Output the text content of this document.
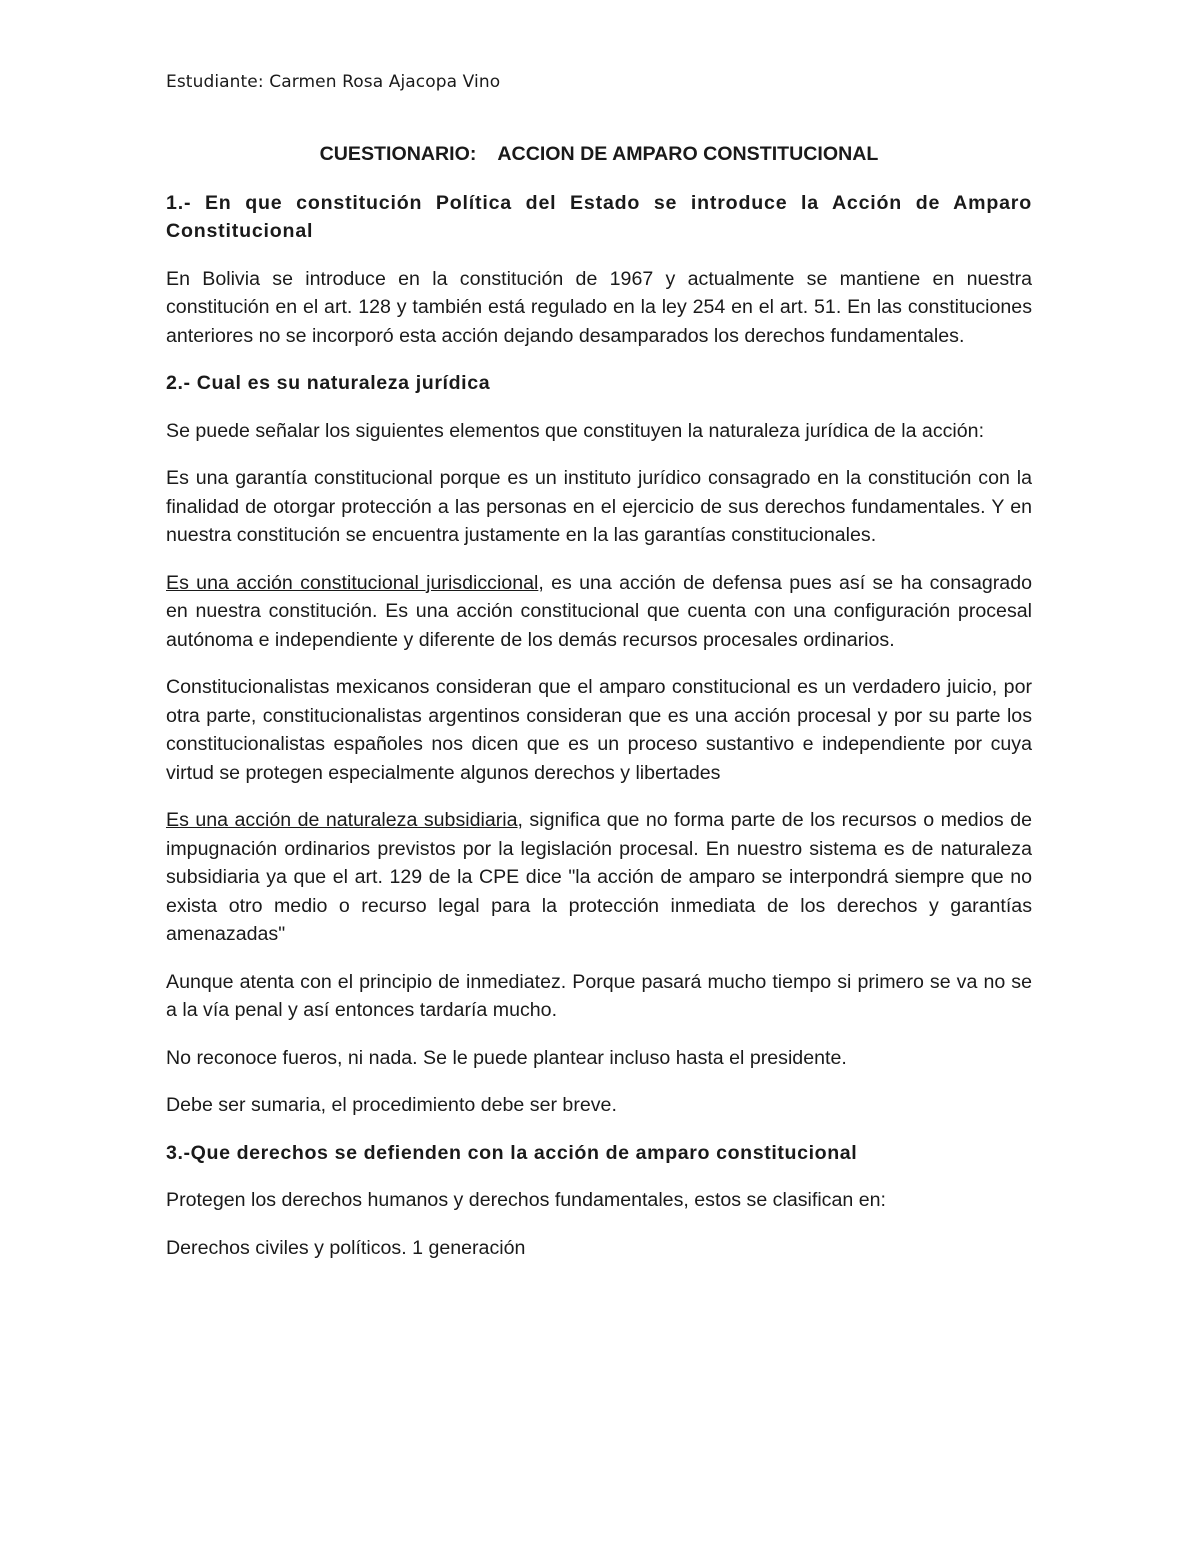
Estudiante: Carmen Rosa Ajacopa Vino
CUESTIONARIO:    ACCION DE AMPARO CONSTITUCIONAL
1.- En que constitución Política del Estado se introduce la Acción de Amparo Constitucional

En Bolivia se introduce en la constitución de 1967 y actualmente se mantiene en nuestra constitución en el art. 128 y también está regulado en la ley 254 en el art. 51. En las constituciones anteriores no se incorporó esta acción dejando desamparados los derechos fundamentales.

2.- Cual es su naturaleza jurídica

Se puede señalar los siguientes elementos que constituyen la naturaleza jurídica de la acción:

Es una garantía constitucional porque es un instituto jurídico consagrado en la constitución con la finalidad de otorgar protección a las personas en el ejercicio de sus derechos fundamentales. Y en nuestra constitución se encuentra justamente en la las garantías constitucionales.

Es una acción constitucional jurisdiccional, es una acción de defensa pues así se ha consagrado en nuestra constitución. Es una acción constitucional que cuenta con una configuración procesal autónoma e independiente y diferente de los demás recursos procesales ordinarios.

Constitucionalistas mexicanos consideran que el amparo constitucional es un verdadero juicio, por otra parte, constitucionalistas argentinos consideran que es una acción procesal y por su parte los constitucionalistas españoles nos dicen que es un proceso sustantivo e independiente por cuya virtud se protegen especialmente algunos derechos y libertades

Es una acción de naturaleza subsidiaria, significa que no forma parte de los recursos o medios de impugnación ordinarios previstos por la legislación procesal. En nuestro sistema es de naturaleza subsidiaria ya que el art. 129 de la CPE dice "la acción de amparo se interpondrá siempre que no exista otro medio o recurso legal para la protección inmediata de los derechos y garantías amenazadas"

Aunque atenta con el principio de inmediatez. Porque pasará mucho tiempo si primero se va no se a la vía penal y así entonces tardaría mucho.

No reconoce fueros, ni nada. Se le puede plantear incluso hasta el presidente.

Debe ser sumaria, el procedimiento debe ser breve.

3.-Que derechos se defienden con la acción de amparo constitucional

Protegen los derechos humanos y derechos fundamentales, estos se clasifican en:

Derechos civiles y políticos. 1 generación
